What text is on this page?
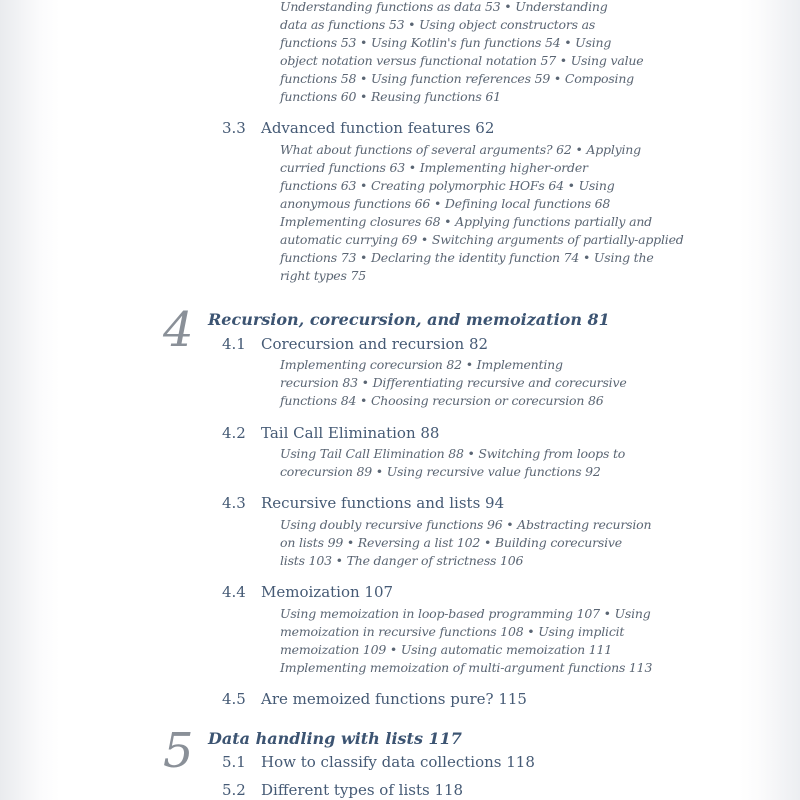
Understanding functions as data 53 • Understanding
data as functions 53 • Using object constructors as
functions 53 • Using Kotlin's fun functions 54 • Using
object notation versus functional notation 57 • Using value
functions 58 • Using function references 59 • Composing
functions 60 • Reusing functions 61
3.3 Advanced function features 62
What about functions of several arguments? 62 • Applying
curried functions 63 • Implementing higher-order
functions 63 • Creating polymorphic HOFs 64 • Using
anonymous functions 66 • Defining local functions 68
Implementing closures 68 • Applying functions partially and
automatic currying 69 • Switching arguments of partially-applied
functions 73 • Declaring the identity function 74 • Using the
right types 75
4 Recursion, corecursion, and memoization 81
4.1 Corecursion and recursion 82
Implementing corecursion 82 • Implementing
recursion 83 • Differentiating recursive and corecursive
functions 84 • Choosing recursion or corecursion 86
4.2 Tail Call Elimination 88
Using Tail Call Elimination 88 • Switching from loops to
corecursion 89 • Using recursive value functions 92
4.3 Recursive functions and lists 94
Using doubly recursive functions 96 • Abstracting recursion
on lists 99 • Reversing a list 102 • Building corecursive
lists 103 • The danger of strictness 106
4.4 Memoization 107
Using memoization in loop-based programming 107 • Using
memoization in recursive functions 108 • Using implicit
memoization 109 • Using automatic memoization 111
Implementing memoization of multi-argument functions 113
4.5 Are memoized functions pure? 115
5 Data handling with lists 117
5.1 How to classify data collections 118
5.2 Different types of lists 118
